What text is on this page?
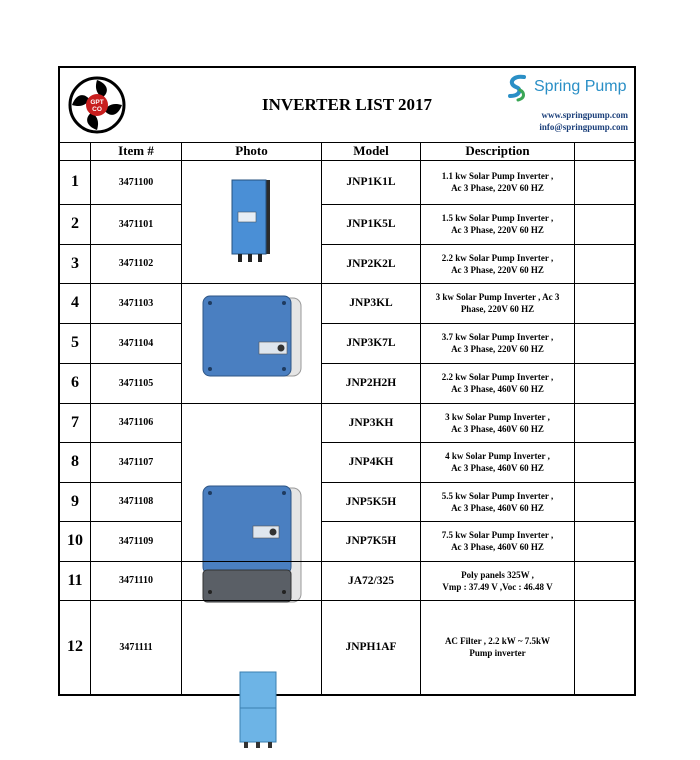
GPT
CO	INVERTER LIST 2017
Spring Pump
www.springpump.com
info@springpump.com
Item #	Photo	Model	Description
1	3471100	JNP1K1L	1.1 kw Solar Pump Inverter ,
Ac 3 Phase, 220V 60 HZ
2	3471101	JNP1K5L	1.5 kw Solar Pump Inverter ,
Ac 3 Phase, 220V 60 HZ
3	3471102	JNP2K2L	2.2 kw Solar Pump Inverter ,
Ac 3 Phase, 220V 60 HZ
4	3471103	JNP3KL	3 kw Solar Pump Inverter , Ac 3
Phase, 220V 60 HZ
5	3471104	JNP3K7L	3.7 kw Solar Pump Inverter ,
Ac 3 Phase, 220V 60 HZ
6	3471105	JNP2H2H	2.2 kw Solar Pump Inverter ,
Ac 3 Phase, 460V 60 HZ
7	3471106	JNP3KH	3 kw Solar Pump Inverter ,
Ac 3 Phase, 460V 60 HZ
8	3471107	JNP4KH	4 kw Solar Pump Inverter ,
Ac 3 Phase, 460V 60 HZ
9	3471108	JNP5K5H	5.5 kw Solar Pump Inverter ,
Ac 3 Phase, 460V 60 HZ
10	3471109	JNP7K5H	7.5 kw Solar Pump Inverter ,
Ac 3 Phase, 460V 60 HZ
11	3471110	JA72/325	Poly panels 325W ,
Vmp : 37.49 V ,Voc : 46.48 V
12	3471111	JNPH1AF	AC Filter , 2.2 kW ~ 7.5kW
Pump inverter
